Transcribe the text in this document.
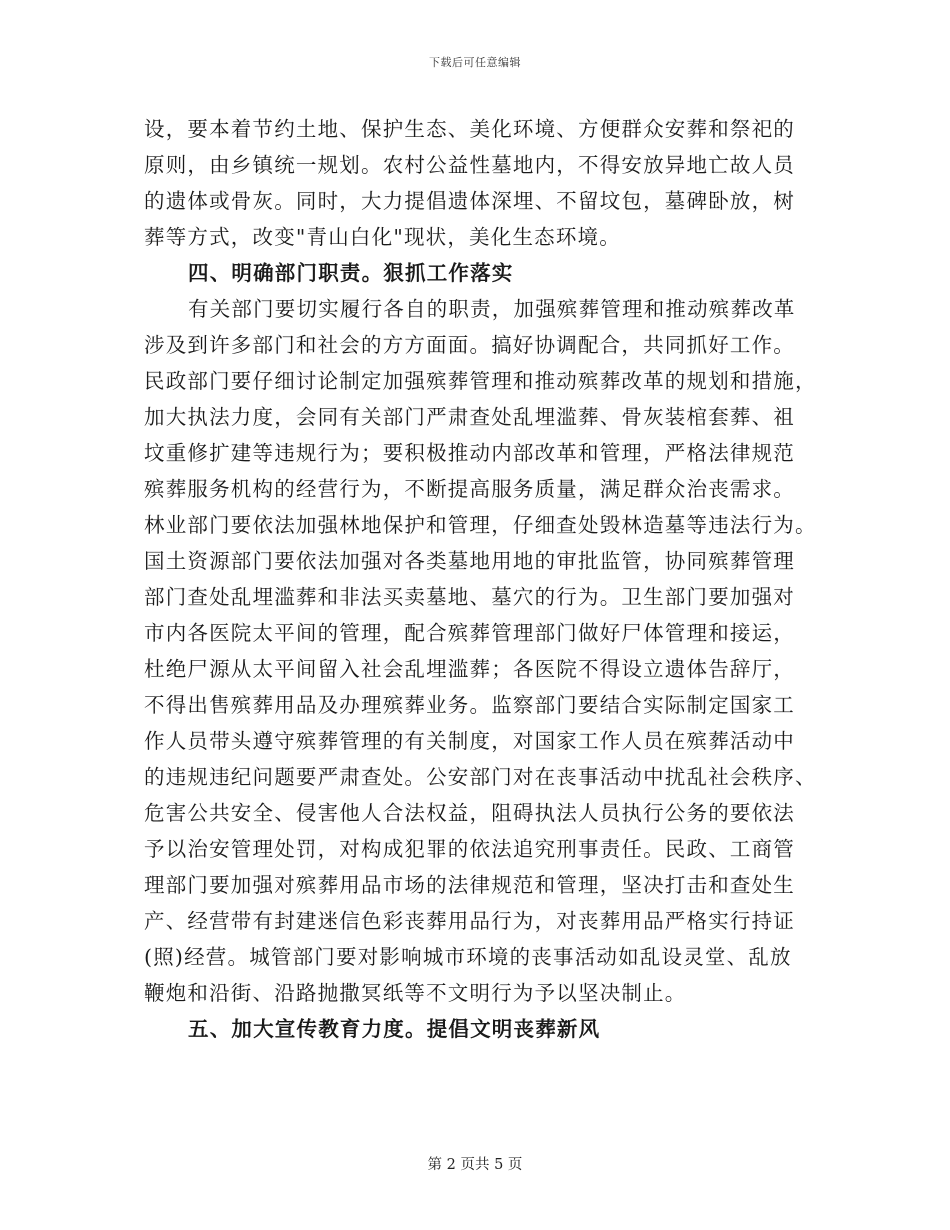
下载后可任意编辑
设，要本着节约土地、保护生态、美化环境、方便群众安葬和祭祀的
原则，由乡镇统一规划。农村公益性墓地内，不得安放异地亡故人员
的遗体或骨灰。同时，大力提倡遗体深埋、不留坟包，墓碑卧放，树
葬等方式，改变"青山白化"现状，美化生态环境。
四、明确部门职责。狠抓工作落实
有关部门要切实履行各自的职责，加强殡葬管理和推动殡葬改革
涉及到许多部门和社会的方方面面。搞好协调配合，共同抓好工作。
民政部门要仔细讨论制定加强殡葬管理和推动殡葬改革的规划和措施，
加大执法力度，会同有关部门严肃查处乱埋滥葬、骨灰装棺套葬、祖
坟重修扩建等违规行为；要积极推动内部改革和管理，严格法律规范
殡葬服务机构的经营行为，不断提高服务质量，满足群众治丧需求。
林业部门要依法加强林地保护和管理，仔细查处毁林造墓等违法行为。
国土资源部门要依法加强对各类墓地用地的审批监管，协同殡葬管理
部门查处乱埋滥葬和非法买卖墓地、墓穴的行为。卫生部门要加强对
市内各医院太平间的管理，配合殡葬管理部门做好尸体管理和接运，
杜绝尸源从太平间留入社会乱埋滥葬；各医院不得设立遗体告辞厅，
不得出售殡葬用品及办理殡葬业务。监察部门要结合实际制定国家工
作人员带头遵守殡葬管理的有关制度，对国家工作人员在殡葬活动中
的违规违纪问题要严肃查处。公安部门对在丧事活动中扰乱社会秩序、
危害公共安全、侵害他人合法权益，阻碍执法人员执行公务的要依法
予以治安管理处罚，对构成犯罪的依法追究刑事责任。民政、工商管
理部门要加强对殡葬用品市场的法律规范和管理，坚决打击和查处生
产、经营带有封建迷信色彩丧葬用品行为，对丧葬用品严格实行持证
(照)经营。城管部门要对影响城市环境的丧事活动如乱设灵堂、乱放
鞭炮和沿街、沿路抛撒冥纸等不文明行为予以坚决制止。
五、加大宣传教育力度。提倡文明丧葬新风
第 2 页共 5 页
